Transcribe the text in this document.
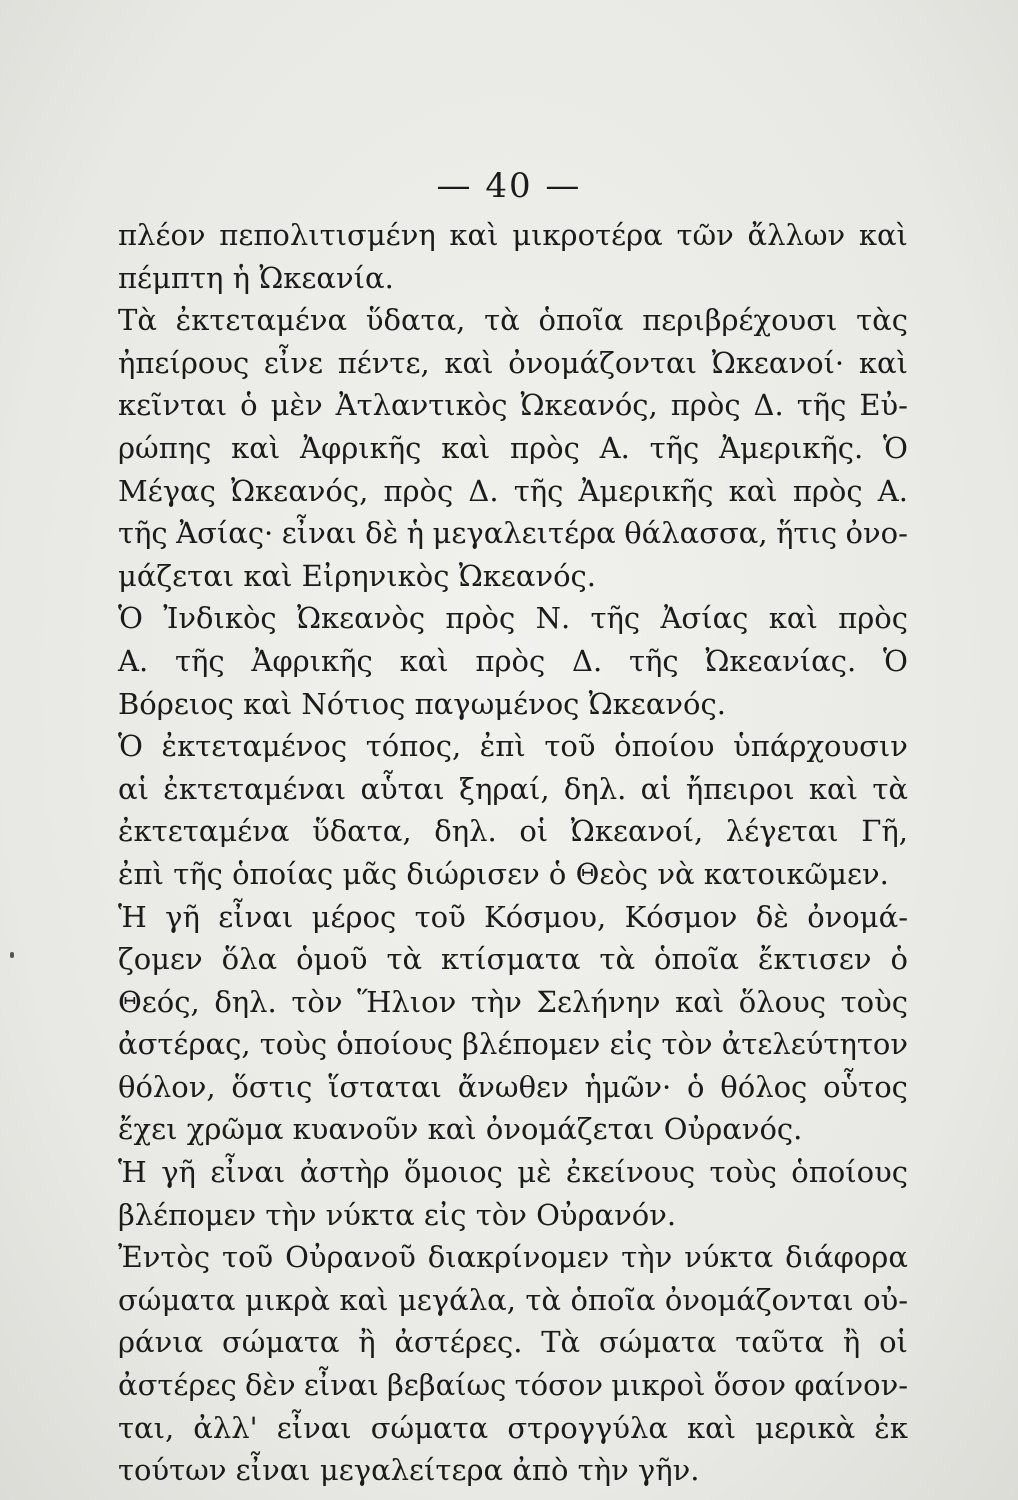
— 40 —
πλέον πεπολιτισμένη καὶ μικροτέρα τῶν ἄλλων καὶ
πέμπτη ἡ Ὠκεανία.
Τὰ ἐκτεταμένα ὕδατα, τὰ ὁποῖα περιβρέχουσι τὰς
ἠπείρους εἶνε πέντε, καὶ ὀνομάζονται Ὠκεανοί· καὶ
κεῖνται ὁ μὲν Ἀτλαντικὸς Ὠκεανός, πρὸς Δ. τῆς Εὐ-
ρώπης καὶ Ἀφρικῆς καὶ πρὸς Α. τῆς Ἀμερικῆς. Ὁ
Μέγας Ὠκεανός, πρὸς Δ. τῆς Ἀμερικῆς καὶ πρὸς Α.
τῆς Ἀσίας· εἶναι δὲ ἡ μεγαλειτέρα θάλασσα, ἥτις ὀνο-
μάζεται καὶ Εἰρηνικὸς Ὠκεανός.
Ὁ Ἰνδικὸς Ὠκεανὸς πρὸς Ν. τῆς Ἀσίας καὶ πρὸς
Α. τῆς Ἀφρικῆς καὶ πρὸς Δ. τῆς Ὠκεανίας. Ὁ
Βόρειος καὶ Νότιος παγωμένος Ὠκεανός.
Ὁ ἐκτεταμένος τόπος, ἐπὶ τοῦ ὁποίου ὑπάρχουσιν
αἱ ἐκτεταμέναι αὗται ξηραί, δηλ. αἱ ἤπειροι καὶ τὰ
ἐκτεταμένα ὕδατα, δηλ. οἱ Ὠκεανοί, λέγεται Γῆ,
ἐπὶ τῆς ὁποίας μᾶς διώρισεν ὁ Θεὸς νὰ κατοικῶμεν.
Ἡ γῆ εἶναι μέρος τοῦ Κόσμου, Κόσμον δὲ ὀνομά-
ζομεν ὅλα ὁμοῦ τὰ κτίσματα τὰ ὁποῖα ἔκτισεν ὁ
Θεός, δηλ. τὸν Ἥλιον τὴν Σελήνην καὶ ὅλους τοὺς
ἀστέρας, τοὺς ὁποίους βλέπομεν εἰς τὸν ἀτελεύτητον
θόλον, ὅστις ἵσταται ἄνωθεν ἡμῶν· ὁ θόλος οὗτος
ἔχει χρῶμα κυανοῦν καὶ ὀνομάζεται Οὐρανός.
Ἡ γῆ εἶναι ἀστὴρ ὅμοιος μὲ ἐκείνους τοὺς ὁποίους
βλέπομεν τὴν νύκτα εἰς τὸν Οὐρανόν.
Ἐντὸς τοῦ Οὐρανοῦ διακρίνομεν τὴν νύκτα διάφορα
σώματα μικρὰ καὶ μεγάλα, τὰ ὁποῖα ὀνομάζονται οὐ-
ράνια σώματα ἢ ἀστέρες. Τὰ σώματα ταῦτα ἢ οἱ
ἀστέρες δὲν εἶναι βεβαίως τόσον μικροὶ ὅσον φαίνον-
ται, ἀλλ' εἶναι σώματα στρογγύλα καὶ μερικὰ ἐκ
τούτων εἶναι μεγαλείτερα ἀπὸ τὴν γῆν.
